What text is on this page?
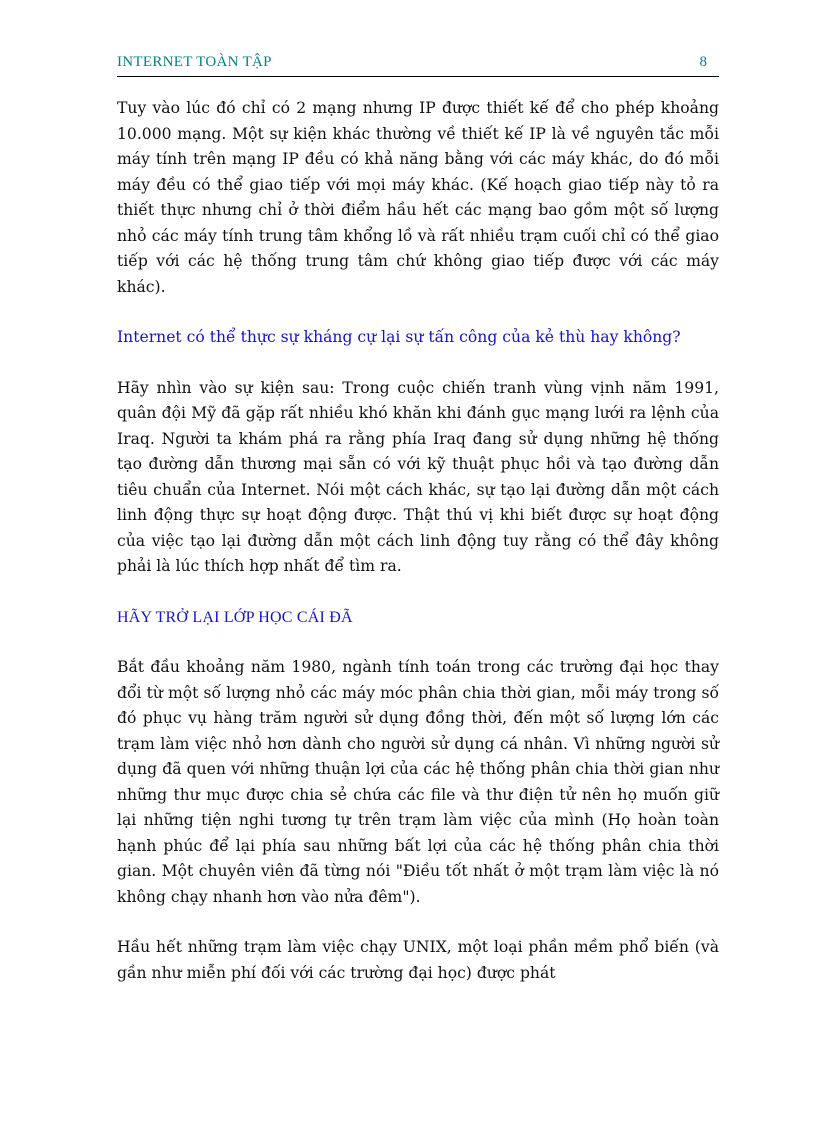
INTERNET TOÀN TẬP	8

Tuy vào lúc đó chỉ có 2 mạng nhưng IP được thiết kế để cho phép khoảng 10.000 mạng. Một sự kiện khác thường về thiết kế IP là về nguyên tắc mỗi máy tính trên mạng IP đều có khả năng bằng với các máy khác, do đó mỗi máy đều có thể giao tiếp với mọi máy khác. (Kế hoạch giao tiếp này tỏ ra thiết thực nhưng chỉ ở thời điểm hầu hết các mạng bao gồm một số lượng nhỏ các máy tính trung tâm khổng lồ và rất nhiều trạm cuối chỉ có thể giao tiếp với các hệ thống trung tâm chứ không giao tiếp được với các máy khác).

Internet có thể thực sự kháng cự lại sự tấn công của kẻ thù hay không?

Hãy nhìn vào sự kiện sau: Trong cuộc chiến tranh vùng vịnh năm 1991, quân đội Mỹ đã gặp rất nhiều khó khăn khi đánh gục mạng lưới ra lệnh của Iraq. Người ta khám phá ra rằng phía Iraq đang sử dụng những hệ thống tạo đường dẫn thương mại sẵn có với kỹ thuật phục hồi và tạo đường dẫn tiêu chuẩn của Internet. Nói một cách khác, sự tạo lại đường dẫn một cách linh động thực sự hoạt động được. Thật thú vị khi biết được sự hoạt động của việc tạo lại đường dẫn một cách linh động tuy rằng có thể đây không phải là lúc thích hợp nhất để tìm ra.

HÃY TRỞ LẠI LỚP HỌC CÁI ĐÃ

Bắt đầu khoảng năm 1980, ngành tính toán trong các trường đại học thay đổi từ một số lượng nhỏ các máy móc phân chia thời gian, mỗi máy trong số đó phục vụ hàng trăm người sử dụng đồng thời, đến một số lượng lớn các trạm làm việc nhỏ hơn dành cho người sử dụng cá nhân. Vì những người sử dụng đã quen với những thuận lợi của các hệ thống phân chia thời gian như những thư mục được chia sẻ chứa các file và thư điện tử nên họ muốn giữ lại những tiện nghi tương tự trên trạm làm việc của mình (Họ hoàn toàn hạnh phúc để lại phía sau những bất lợi của các hệ thống phân chia thời gian. Một chuyên viên đã từng nói "Điều tốt nhất ở một trạm làm việc là nó không chạy nhanh hơn vào nửa đêm").

Hầu hết những trạm làm việc chạy UNIX, một loại phần mềm phổ biến (và gần như miễn phí đối với các trường đại học) được phát
